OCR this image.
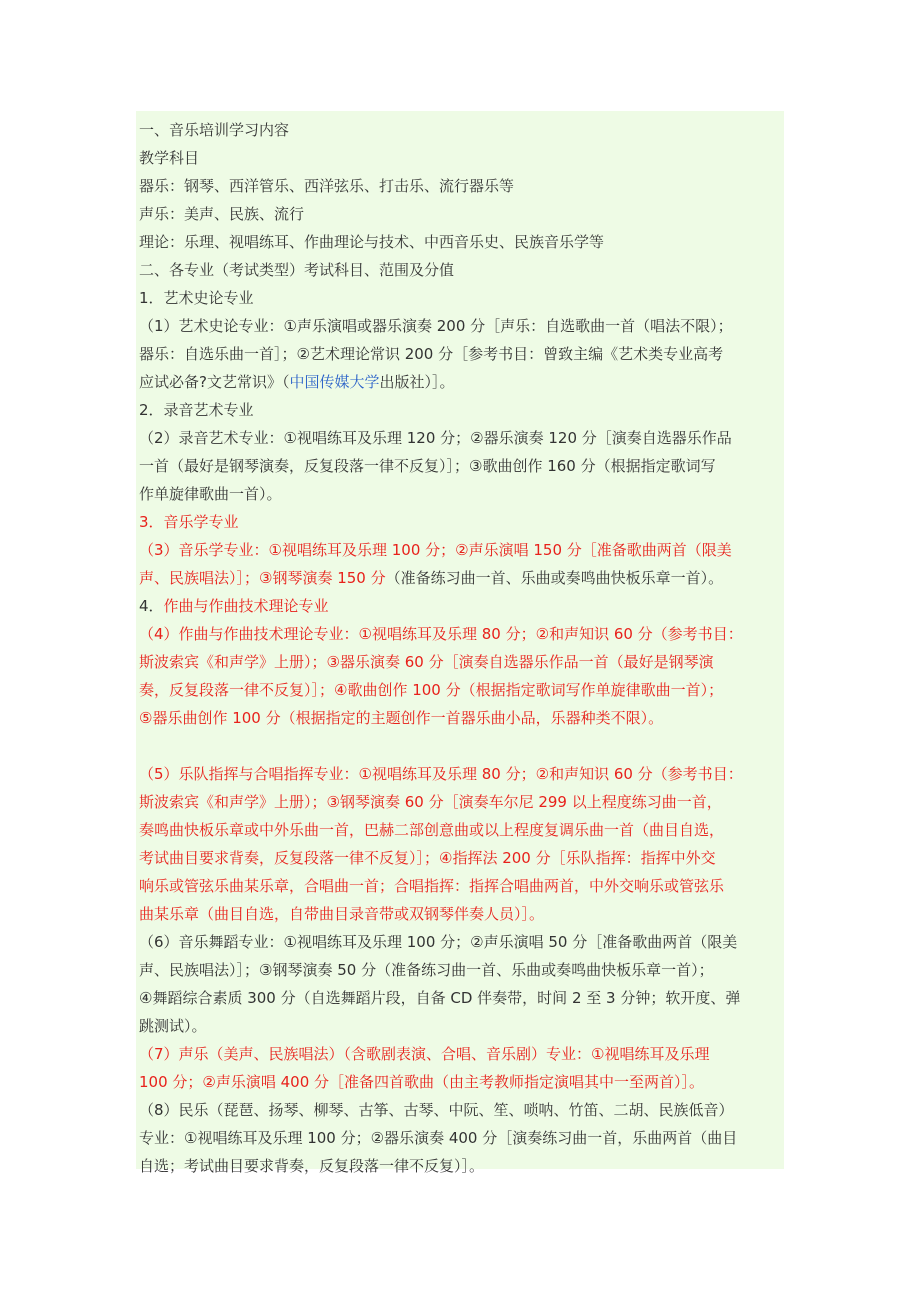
一、音乐培训学习内容
教学科目
器乐：钢琴、西洋管乐、西洋弦乐、打击乐、流行器乐等
声乐：美声、民族、流行
理论：乐理、视唱练耳、作曲理论与技术、中西音乐史、民族音乐学等
二、各专业（考试类型）考试科目、范围及分值
1．艺术史论专业
（1）艺术史论专业：①声乐演唱或器乐演奏 200 分［声乐：自选歌曲一首（唱法不限）；
器乐：自选乐曲一首］；②艺术理论常识 200 分［参考书目：曾致主编《艺术类专业高考
应试必备?文艺常识》（中国传媒大学出版社）］。
2．录音艺术专业
（2）录音艺术专业：①视唱练耳及乐理 120 分；②器乐演奏 120 分［演奏自选器乐作品
一首（最好是钢琴演奏，反复段落一律不反复）］；③歌曲创作 160 分（根据指定歌词写
作单旋律歌曲一首）。
3．音乐学专业
（3）音乐学专业：①视唱练耳及乐理 100 分；②声乐演唱 150 分［准备歌曲两首（限美
声、民族唱法）］；③钢琴演奏 150 分（准备练习曲一首、乐曲或奏鸣曲快板乐章一首）。
4．作曲与作曲技术理论专业
（4）作曲与作曲技术理论专业：①视唱练耳及乐理 80 分；②和声知识 60 分（参考书目：
斯波索宾《和声学》上册）；③器乐演奏 60 分［演奏自选器乐作品一首（最好是钢琴演
奏，反复段落一律不反复）］；④歌曲创作 100 分（根据指定歌词写作单旋律歌曲一首）；
⑤器乐曲创作 100 分（根据指定的主题创作一首器乐曲小品，乐器种类不限）。
（5）乐队指挥与合唱指挥专业：①视唱练耳及乐理 80 分；②和声知识 60 分（参考书目：
斯波索宾《和声学》上册）；③钢琴演奏 60 分［演奏车尔尼 299 以上程度练习曲一首，
奏鸣曲快板乐章或中外乐曲一首，巴赫二部创意曲或以上程度复调乐曲一首（曲目自选，
考试曲目要求背奏，反复段落一律不反复）］；④指挥法 200 分［乐队指挥：指挥中外交
响乐或管弦乐曲某乐章，合唱曲一首；合唱指挥：指挥合唱曲两首，中外交响乐或管弦乐
曲某乐章（曲目自选，自带曲目录音带或双钢琴伴奏人员）］。
（6）音乐舞蹈专业：①视唱练耳及乐理 100 分；②声乐演唱 50 分［准备歌曲两首（限美
声、民族唱法）］；③钢琴演奏 50 分（准备练习曲一首、乐曲或奏鸣曲快板乐章一首）；
④舞蹈综合素质 300 分（自选舞蹈片段，自备 CD 伴奏带，时间 2 至 3 分钟；软开度、弹
跳测试）。
（7）声乐（美声、民族唱法）（含歌剧表演、合唱、音乐剧）专业：①视唱练耳及乐理
100 分；②声乐演唱 400 分［准备四首歌曲（由主考教师指定演唱其中一至两首）］。
（8）民乐（琵琶、扬琴、柳琴、古筝、古琴、中阮、笙、唢呐、竹笛、二胡、民族低音）
专业：①视唱练耳及乐理 100 分；②器乐演奏 400 分［演奏练习曲一首，乐曲两首（曲目
自选；考试曲目要求背奏，反复段落一律不反复）］。
